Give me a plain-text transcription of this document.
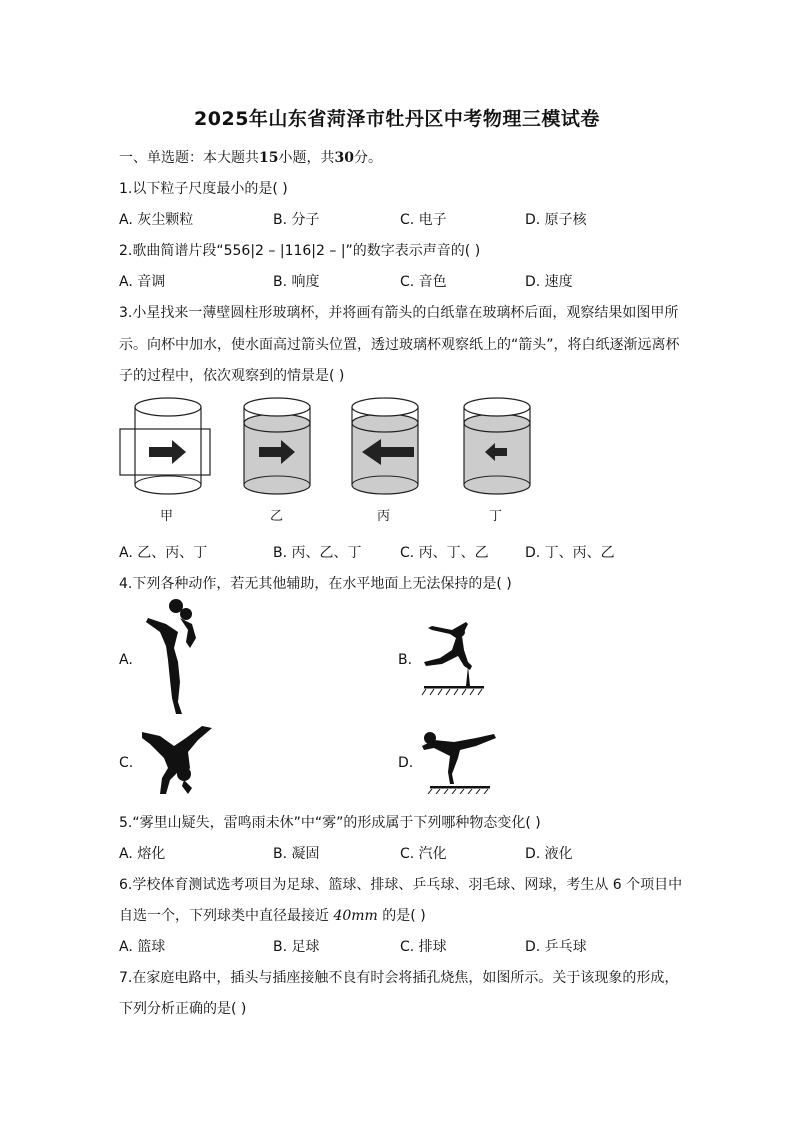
2025年山东省菏泽市牡丹区中考物理三模试卷
一、单选题：本大题共15小题，共30分。
1.以下粒子尺度最小的是( )
A. 灰尘颗粒	B. 分子	C. 电子	D. 原子核
2.歌曲简谱片段“556|2 – |116|2 – |”的数字表示声音的( )
A. 音调	B. 响度	C. 音色	D. 速度
3.小星找来一薄壁圆柱形玻璃杯，并将画有箭头的白纸靠在玻璃杯后面，观察结果如图甲所
示。向杯中加水，使水面高过箭头位置，透过玻璃杯观察纸上的“箭头”，将白纸逐渐远离杯
子的过程中，依次观察到的情景是( )
甲	乙	丙	丁
A. 乙、丙、丁	B. 丙、乙、丁	C. 丙、丁、乙	D. 丁、丙、乙
4.下列各种动作，若无其他辅助，在水平地面上无法保持的是( )
A.	B.
C.	D.
5.“雾里山疑失，雷鸣雨未休”中“雾”的形成属于下列哪种物态变化( )
A. 熔化	B. 凝固	C. 汽化	D. 液化
6.学校体育测试选考项目为足球、篮球、排球、乒乓球、羽毛球、网球，考生从 6 个项目中
自选一个，下列球类中直径最接近 40mm 的是( )
A. 篮球	B. 足球	C. 排球	D. 乒乓球
7.在家庭电路中，插头与插座接触不良有时会将插孔烧焦，如图所示。关于该现象的形成，
下列分析正确的是( )
